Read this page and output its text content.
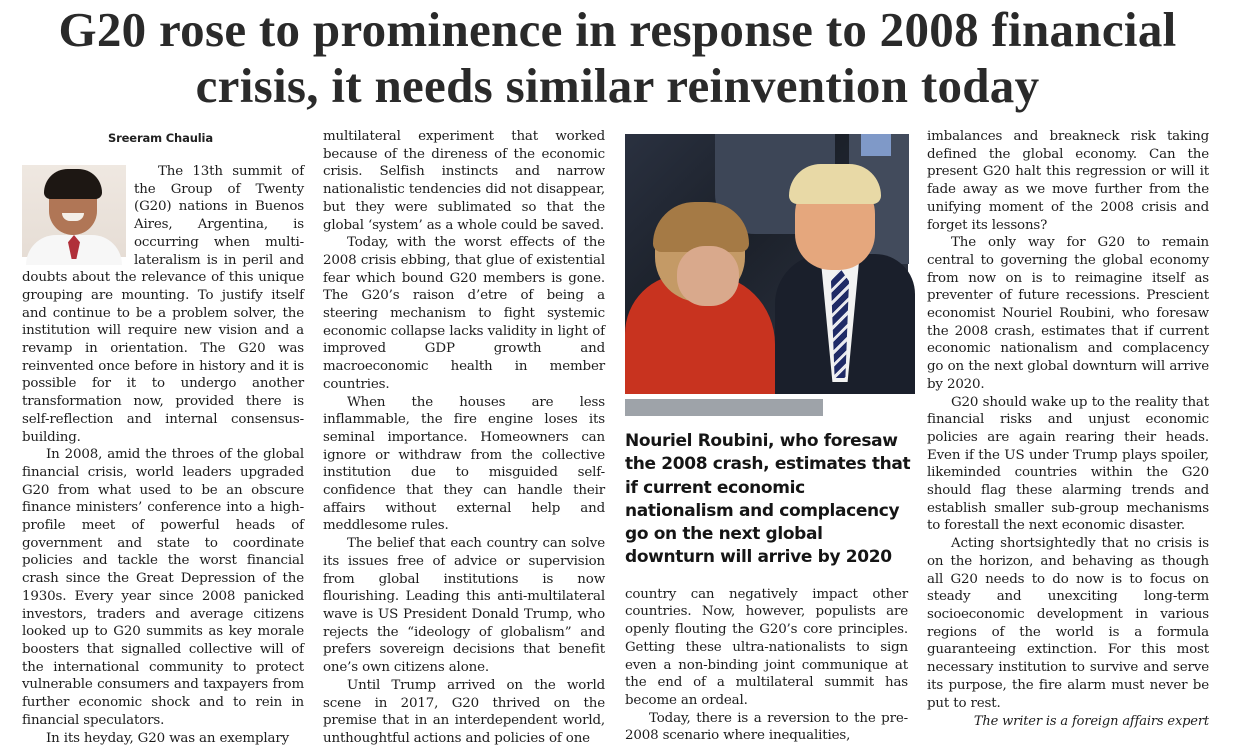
G20 rose to prominence in response to 2008 financial
crisis, it needs similar reinvention today
Sreeram Chaulia

The 13th summit of the Group of Twenty (G20) nations in Buenos Aires, Argentina, is occurring when multi-lateralism is in peril and doubts about the relevance of this unique grouping are mounting. To justify itself and continue to be a problem solver, the institution will require new vision and a revamp in orientation. The G20 was reinvented once before in history and it is possible for it to undergo another transformation now, provided there is self-reflection and internal consensus-building.

In 2008, amid the throes of the global financial crisis, world leaders upgraded G20 from what used to be an obscure finance ministers’ conference into a high-profile meet of powerful heads of government and state to coordinate policies and tackle the worst financial crash since the Great Depression of the 1930s. Every year since 2008 panicked investors, traders and average citizens looked up to G20 summits as key morale boosters that signalled collective will of the international community to protect vulnerable consumers and taxpayers from further economic shock and to rein in financial speculators.

In its heyday, G20 was an exemplary

multilateral experiment that worked because of the direness of the economic crisis. Selfish instincts and narrow nationalistic tendencies did not disappear, but they were sublimated so that the global ‘system’ as a whole could be saved.

Today, with the worst effects of the 2008 crisis ebbing, that glue of existential fear which bound G20 members is gone. The G20’s raison d’etre of being a steering mechanism to fight systemic economic collapse lacks validity in light of improved GDP growth and macroeconomic health in member countries.

When the houses are less inflammable, the fire engine loses its seminal importance. Homeowners can ignore or withdraw from the collective institution due to misguided self-confidence that they can handle their affairs without external help and meddlesome rules.

The belief that each country can solve its issues free of advice or supervision from global institutions is now flourishing. Leading this anti-multilateral wave is US President Donald Trump, who rejects the “ideology of globalism” and prefers sovereign decisions that benefit one’s own citizens alone.

Until Trump arrived on the world scene in 2017, G20 thrived on the premise that in an interdependent world, unthoughtful actions and policies of one

Nouriel Roubini, who foresaw
the 2008 crash, estimates that
if current economic
nationalism and complacency
go on the next global
downturn will arrive by 2020

country can negatively impact other countries. Now, however, populists are openly flouting the G20’s core principles. Getting these ultra-nationalists to sign even a non-binding joint communique at the end of a multilateral summit has become an ordeal.

Today, there is a reversion to the pre-2008 scenario where inequalities,

imbalances and breakneck risk taking defined the global economy. Can the present G20 halt this regression or will it fade away as we move further from the unifying moment of the 2008 crisis and forget its lessons?

The only way for G20 to remain central to governing the global economy from now on is to reimagine itself as preventer of future recessions. Prescient economist Nouriel Roubini, who foresaw the 2008 crash, estimates that if current economic nationalism and complacency go on the next global downturn will arrive by 2020.

G20 should wake up to the reality that financial risks and unjust economic policies are again rearing their heads. Even if the US under Trump plays spoiler, likeminded countries within the G20 should flag these alarming trends and establish smaller sub-group mechanisms to forestall the next economic disaster.

Acting shortsightedly that no crisis is on the horizon, and behaving as though all G20 needs to do now is to focus on steady and unexciting long-term socioeconomic development in various regions of the world is a formula guaranteeing extinction. For this most necessary institution to survive and serve its purpose, the fire alarm must never be put to rest.

The writer is a foreign affairs expert
